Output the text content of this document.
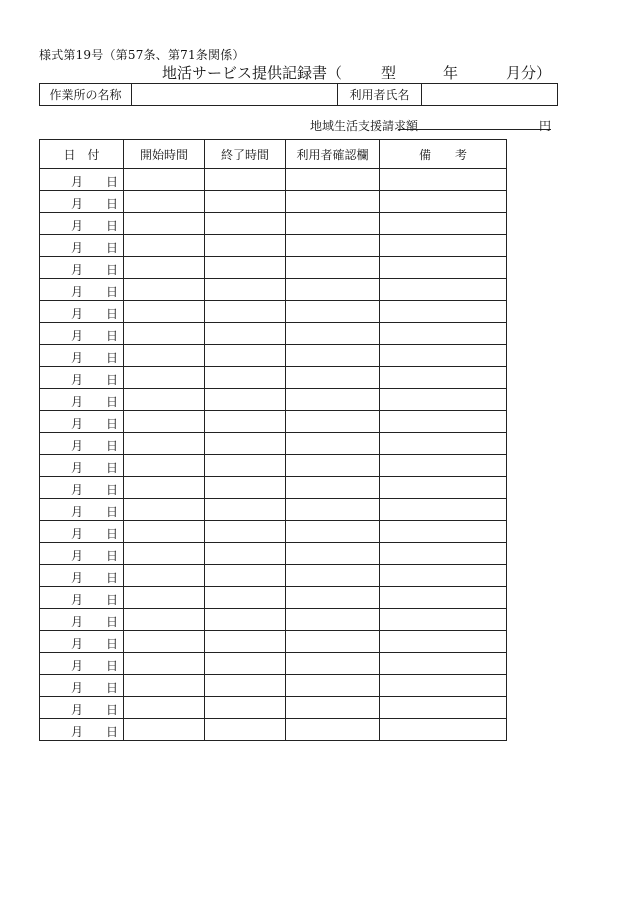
様式第19号（第57条、第71条関係）
地活サービス提供記録書（	型	年	月分）
作業所の名称		利用者氏名	
地域生活支援請求額	円
日　付	開始時間	終了時間	利用者確認欄	備　　考

月 日				

月 日				

月 日				

月 日				

月 日				

月 日				

月 日				

月 日				

月 日				

月 日				

月 日				

月 日				

月 日				

月 日				

月 日				

月 日				

月 日				

月 日				

月 日				

月 日				

月 日				

月 日				

月 日				

月 日				

月 日				

月 日				
